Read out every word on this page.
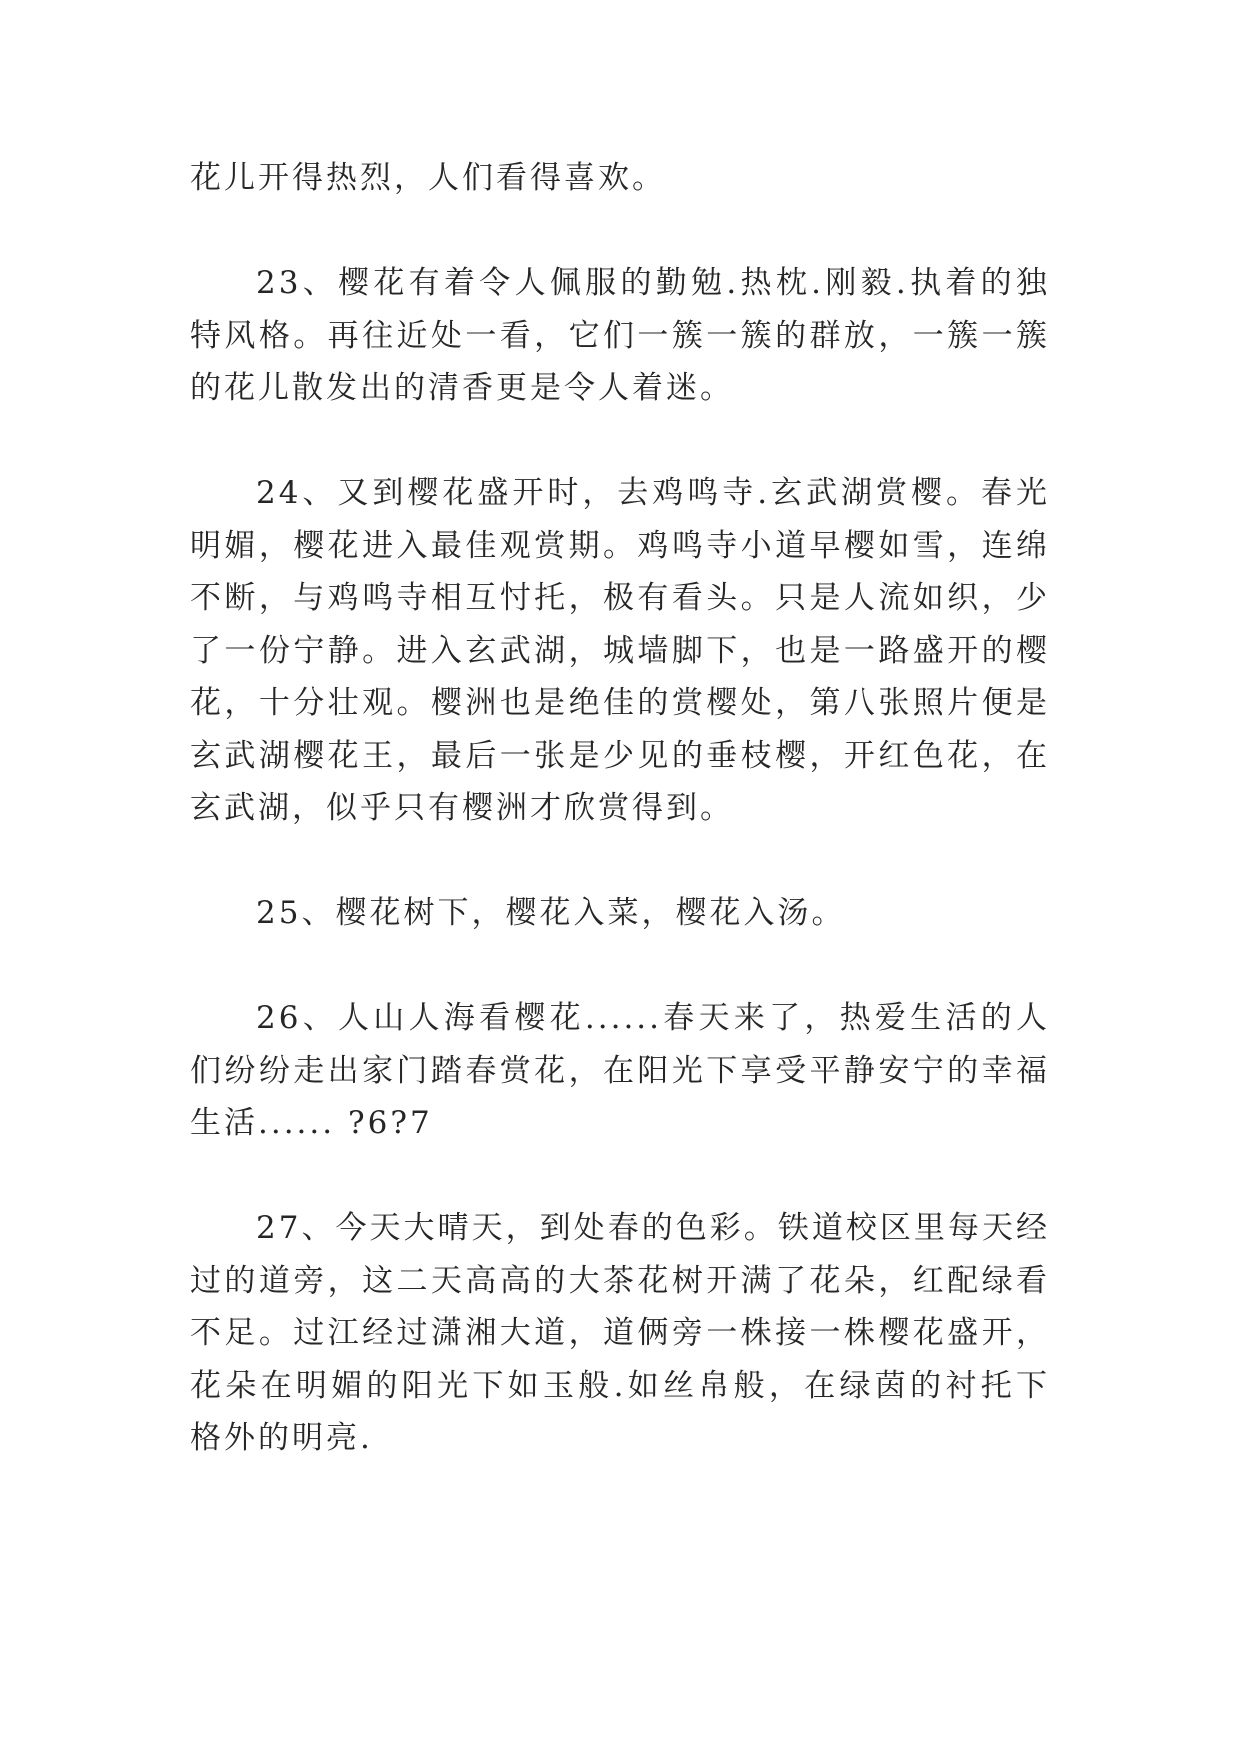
花儿开得热烈，人们看得喜欢。

23、樱花有着令人佩服的勤勉.热枕.刚毅.执着的独特风格。再往近处一看，它们一簇一簇的群放，一簇一簇的花儿散发出的清香更是令人着迷。

24、又到樱花盛开时，去鸡鸣寺.玄武湖赏樱。春光明媚，樱花进入最佳观赏期。鸡鸣寺小道早樱如雪，连绵不断，与鸡鸣寺相互忖托，极有看头。只是人流如织，少了一份宁静。进入玄武湖，城墙脚下，也是一路盛开的樱花，十分壮观。樱洲也是绝佳的赏樱处，第八张照片便是玄武湖樱花王，最后一张是少见的垂枝樱，开红色花，在玄武湖，似乎只有樱洲才欣赏得到。

25、樱花树下，樱花入菜，樱花入汤。

26、人山人海看樱花......春天来了，热爱生活的人们纷纷走出家门踏春赏花，在阳光下享受平静安宁的幸福生活...... ?6?7

27、今天大晴天，到处春的色彩。铁道校区里每天经过的道旁，这二天高高的大茶花树开满了花朵，红配绿看不足。过江经过潇湘大道，道俩旁一株接一株樱花盛开，花朵在明媚的阳光下如玉般.如丝帛般，在绿茵的衬托下格外的明亮.
